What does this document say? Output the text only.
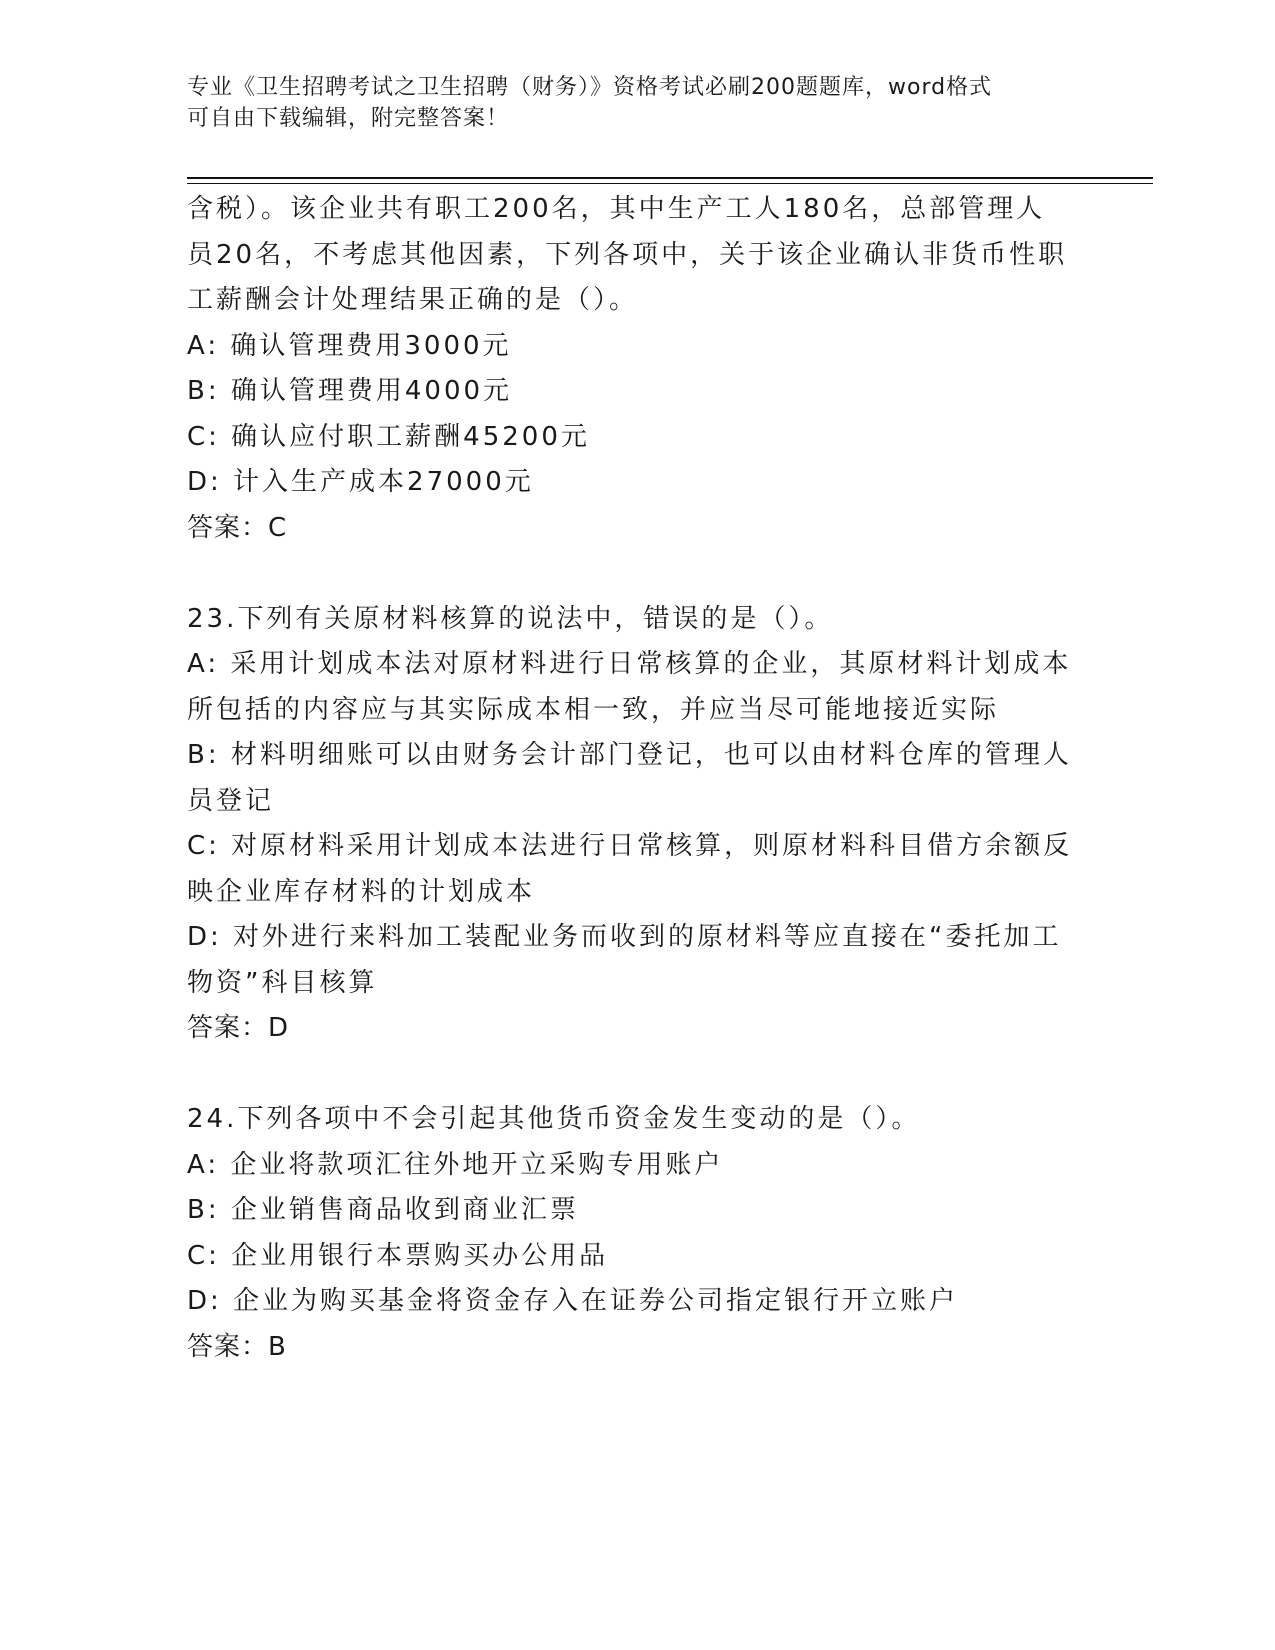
专业《卫生招聘考试之卫生招聘（财务）》资格考试必刷200题题库，word格式
可自由下载编辑，附完整答案！
含税）。该企业共有职工200名，其中生产工人180名，总部管理人
员20名，不考虑其他因素，下列各项中，关于该企业确认非货币性职
工薪酬会计处理结果正确的是（）。
A: 确认管理费用3000元
B: 确认管理费用4000元
C: 确认应付职工薪酬45200元
D: 计入生产成本27000元
答案：C
23.下列有关原材料核算的说法中，错误的是（）。
A: 采用计划成本法对原材料进行日常核算的企业，其原材料计划成本
所包括的内容应与其实际成本相一致，并应当尽可能地接近实际
B: 材料明细账可以由财务会计部门登记，也可以由材料仓库的管理人
员登记
C: 对原材料采用计划成本法进行日常核算，则原材料科目借方余额反
映企业库存材料的计划成本
D: 对外进行来料加工装配业务而收到的原材料等应直接在“委托加工
物资”科目核算
答案：D
24.下列各项中不会引起其他货币资金发生变动的是（）。
A: 企业将款项汇往外地开立采购专用账户
B: 企业销售商品收到商业汇票
C: 企业用银行本票购买办公用品
D: 企业为购买基金将资金存入在证券公司指定银行开立账户
答案：B
